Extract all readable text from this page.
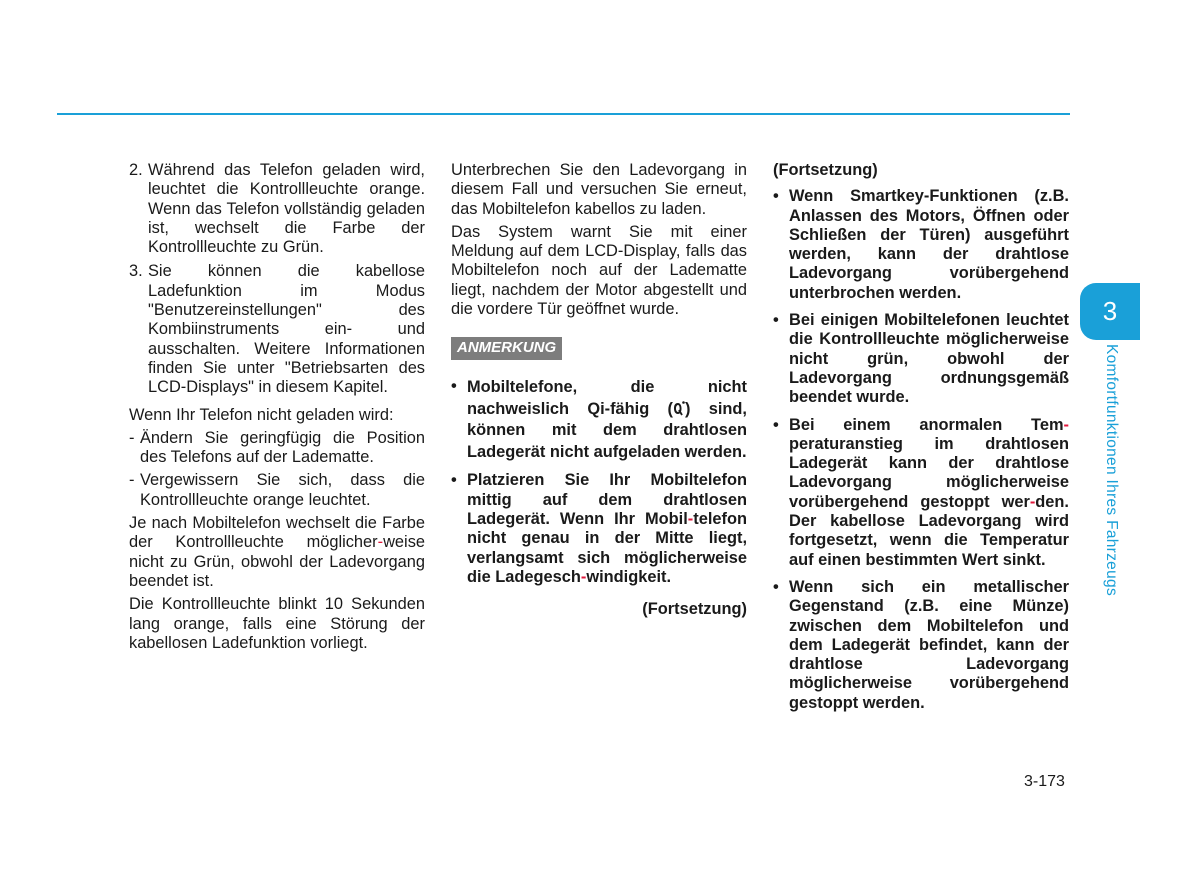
2. Während das Telefon geladen wird, leuchtet die Kontrollleuchte orange. Wenn das Telefon vollständig geladen ist, wechselt die Farbe der Kontrollleuchte zu Grün.
3. Sie können die kabellose Ladefunktion im Modus "Benutzereinstellungen" des Kombiinstruments ein- und ausschalten. Weitere Informationen finden Sie unter "Betriebsarten des LCD-Displays" in diesem Kapitel.

Wenn Ihr Telefon nicht geladen wird:

- Ändern Sie geringfügig die Position des Telefons auf der Lademattе.
- Vergewissern Sie sich, dass die Kontrollleuchte orange leuchtet.

Je nach Mobiltelefon wechselt die Farbe der Kontrollleuchte möglicher-weise nicht zu Grün, obwohl der Ladevorgang beendet ist.

Die Kontrollleuchte blinkt 10 Sekunden lang orange, falls eine Störung der kabellosen Ladefunktion vorliegt.

Unterbrechen Sie den Ladevorgang in diesem Fall und versuchen Sie erneut, das Mobiltelefon kabellos zu laden.

Das System warnt Sie mit einer Meldung auf dem LCD-Display, falls das Mobiltelefon noch auf der Ladematte liegt, nachdem der Motor abgestellt und die vordere Tür geöffnet wurde.

ANMERKUNG
• Mobiltelefone, die nicht nachweislich Qi-fähig ( ) sind, können mit dem drahtlosen Ladegerät nicht aufgeladen werden.
• Platzieren Sie Ihr Mobiltelefon mittig auf dem drahtlosen Ladegerät. Wenn Ihr Mobil-telefon nicht genau in der Mitte liegt, verlangsamt sich möglicherweise die Ladegesch-windigkeit.

(Fortsetzung)

(Fortsetzung)

• Wenn Smartkey-Funktionen (z.B. Anlassen des Motors, Öffnen oder Schließen der Türen) ausgeführt werden, kann der drahtlose Ladevorgang vorübergehend unterbrochen werden.
• Bei einigen Mobiltelefonen leuchtet die Kontrollleuchte möglicherweise nicht grün, obwohl der Ladevorgang ordnungsgemäß beendet wurde.
• Bei einem anormalen Tem-peraturanstieg im drahtlosen Ladegerät kann der drahtlose Ladevorgang möglicherweise vorübergehend gestoppt wer-den. Der kabellose Ladevorgang wird fortgesetzt, wenn die Temperatur auf einen bestimmten Wert sinkt.
• Wenn sich ein metallischer Gegenstand (z.B. eine Münze) zwischen dem Mobiltelefon und dem Ladegerät befindet, kann der drahtlose Ladevorgang möglicherweise vorübergehend gestoppt werden.
3
Komfortfunktionen Ihres Fahrzeugs
3-173
